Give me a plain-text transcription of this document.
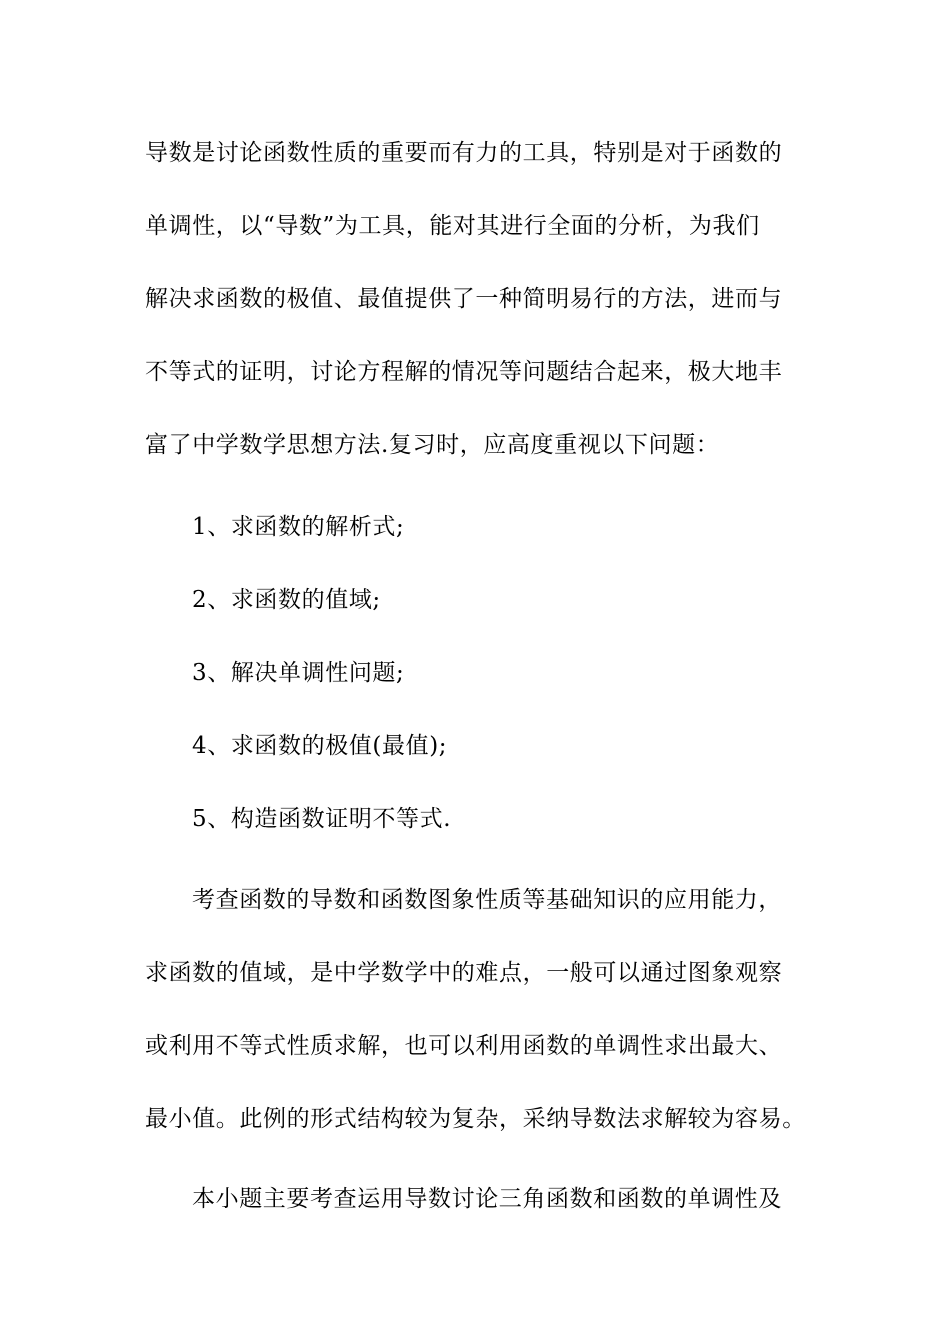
导数是讨论函数性质的重要而有力的工具，特别是对于函数的
单调性，以“导数”为工具，能对其进行全面的分析，为我们
解决求函数的极值、最值提供了一种简明易行的方法，进而与
不等式的证明，讨论方程解的情况等问题结合起来，极大地丰
富了中学数学思想方法.复习时，应高度重视以下问题：
1、求函数的解析式;
2、求函数的值域;
3、解决单调性问题;
4、求函数的极值(最值);
5、构造函数证明不等式.
考查函数的导数和函数图象性质等基础知识的应用能力，
求函数的值域，是中学数学中的难点，一般可以通过图象观察
或利用不等式性质求解，也可以利用函数的单调性求出最大、
最小值。此例的形式结构较为复杂，采纳导数法求解较为容易。
本小题主要考查运用导数讨论三角函数和函数的单调性及
